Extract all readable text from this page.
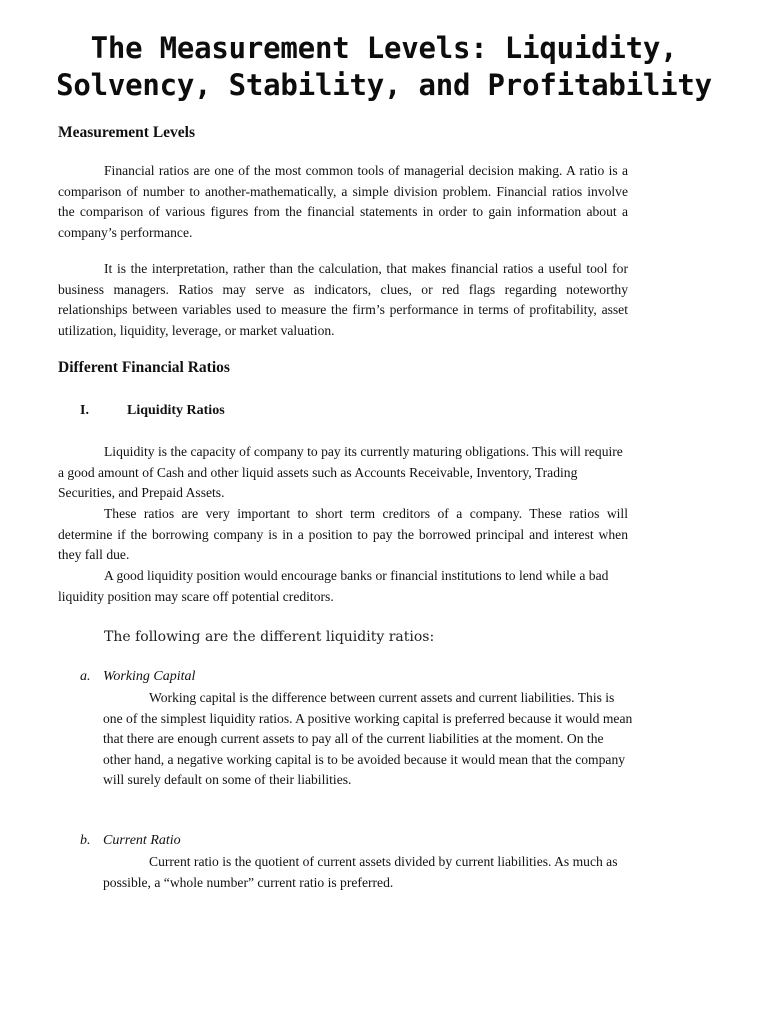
The Measurement Levels: Liquidity, Solvency, Stability, and Profitability
Measurement Levels

Financial ratios are one of the most common tools of managerial decision making. A ratio is a comparison of number to another-mathematically, a simple division problem. Financial ratios involve the comparison of various figures from the financial statements in order to gain information about a company’s performance.

It is the interpretation, rather than the calculation, that makes financial ratios a useful tool for business managers. Ratios may serve as indicators, clues, or red flags regarding noteworthy relationships between variables used to measure the firm’s performance in terms of profitability, asset utilization, liquidity, leverage, or market valuation.

Different Financial Ratios
I.	Liquidity Ratios

Liquidity is the capacity of company to pay its currently maturing obligations. This will require a good amount of Cash and other liquid assets such as Accounts Receivable, Inventory, Trading Securities, and Prepaid Assets.

These ratios are very important to short term creditors of a company. These ratios will determine if the borrowing company is in a position to pay the borrowed principal and interest when they fall due.

A good liquidity position would encourage banks or financial institutions to lend while a bad liquidity position may scare off potential creditors.

The following are the different liquidity ratios:

a. Working Capital

Working capital is the difference between current assets and current liabilities. This is one of the simplest liquidity ratios. A positive working capital is preferred because it would mean that there are enough current assets to pay all of the current liabilities at the moment. On the other hand, a negative working capital is to be avoided because it would mean that the company will surely default on some of their liabilities.

b. Current Ratio

Current ratio is the quotient of current assets divided by current liabilities. As much as possible, a “whole number” current ratio is preferred.
